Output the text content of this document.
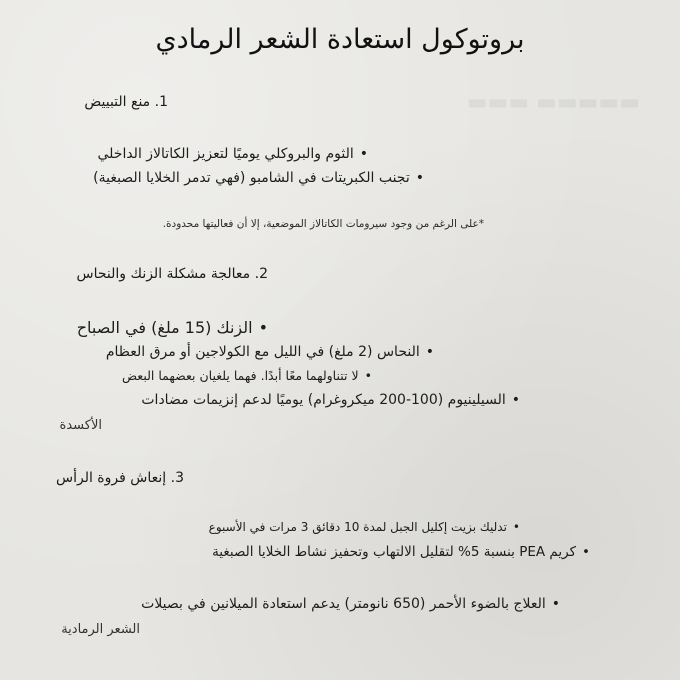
▬▬▬▬▬ ▬▬▬
بروتوكول استعادة الشعر الرمادي
1. منع التبييض
•الثوم والبروكلي يوميًا لتعزيز الكاتالاز الداخلي
•تجنب الكبريتات في الشامبو (فهي تدمر الخلايا الصبغية)
*على الرغم من وجود سيرومات الكاتالاز الموضعية، إلا أن فعاليتها محدودة.
2. معالجة مشكلة الزنك والنحاس
•الزنك (15 ملغ) في الصباح
•النحاس (2 ملغ) في الليل مع الكولاجين أو مرق العظام
•لا تتناولهما معًا أبدًا. فهما يلغيان بعضهما البعض
•السيلينيوم (100-200 ميكروغرام) يوميًا لدعم إنزيمات مضادات
الأكسدة
3. إنعاش فروة الرأس
•تدليك بزيت إكليل الجبل لمدة 10 دقائق 3 مرات في الأسبوع
•كريم PEA بنسبة 5% لتقليل الالتهاب وتحفيز نشاط الخلايا الصبغية
•العلاج بالضوء الأحمر (650 نانومتر) يدعم استعادة الميلانين في بصيلات
الشعر الرمادية
